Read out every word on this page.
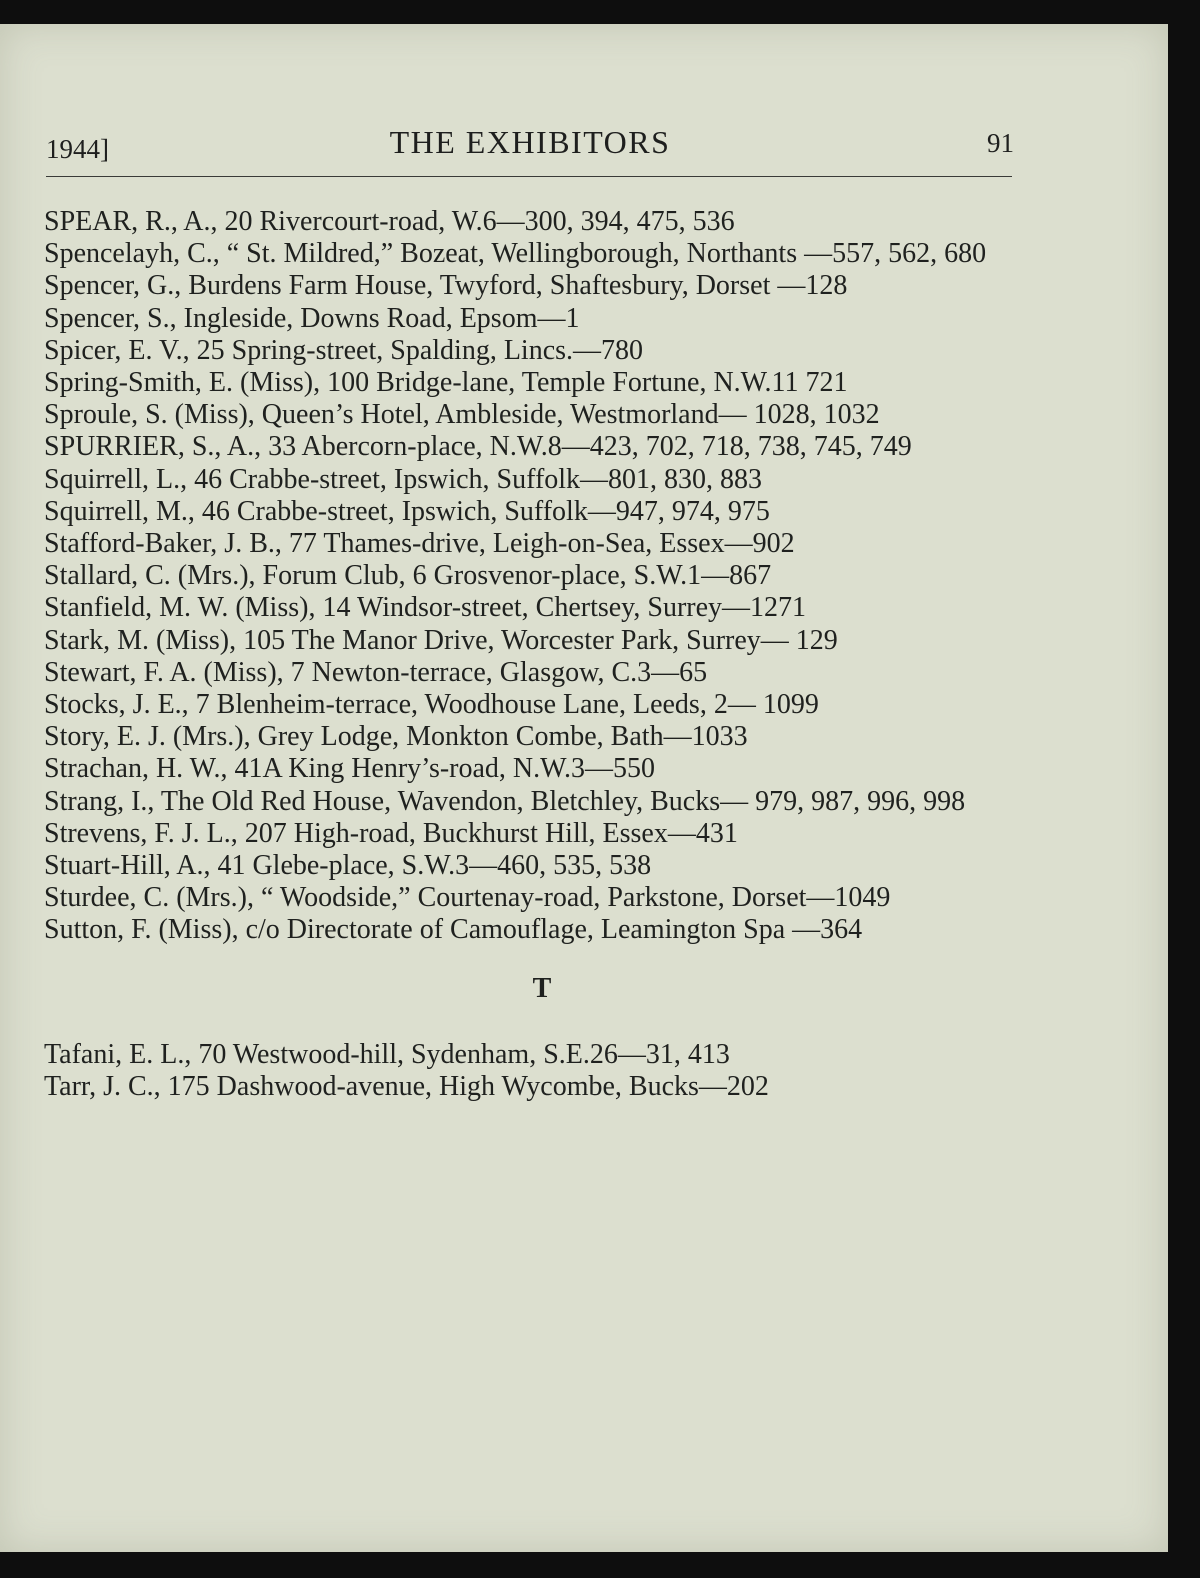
1944]	THE EXHIBITORS	91
SPEAR, R., A., 20 Rivercourt-road, W.6—300, 394, 475, 536
Spencelayh, C., “ St. Mildred,” Bozeat, Wellingborough, Northants —557, 562, 680
Spencer, G., Burdens Farm House, Twyford, Shaftesbury, Dorset —128
Spencer, S., Ingleside, Downs Road, Epsom—1
Spicer, E. V., 25 Spring-street, Spalding, Lincs.—780
Spring-Smith, E. (Miss), 100 Bridge-lane, Temple Fortune, N.W.11 721
Sproule, S. (Miss), Queen’s Hotel, Ambleside, Westmorland— 1028, 1032
SPURRIER, S., A., 33 Abercorn-place, N.W.8—423, 702, 718, 738, 745, 749
Squirrell, L., 46 Crabbe-street, Ipswich, Suffolk—801, 830, 883
Squirrell, M., 46 Crabbe-street, Ipswich, Suffolk—947, 974, 975
Stafford-Baker, J. B., 77 Thames-drive, Leigh-on-Sea, Essex—902
Stallard, C. (Mrs.), Forum Club, 6 Grosvenor-place, S.W.1—867
Stanfield, M. W. (Miss), 14 Windsor-street, Chertsey, Surrey—1271
Stark, M. (Miss), 105 The Manor Drive, Worcester Park, Surrey— 129
Stewart, F. A. (Miss), 7 Newton-terrace, Glasgow, C.3—65
Stocks, J. E., 7 Blenheim-terrace, Woodhouse Lane, Leeds, 2— 1099
Story, E. J. (Mrs.), Grey Lodge, Monkton Combe, Bath—1033
Strachan, H. W., 41A King Henry’s-road, N.W.3—550
Strang, I., The Old Red House, Wavendon, Bletchley, Bucks— 979, 987, 996, 998
Strevens, F. J. L., 207 High-road, Buckhurst Hill, Essex—431
Stuart-Hill, A., 41 Glebe-place, S.W.3—460, 535, 538
Sturdee, C. (Mrs.), “ Woodside,” Courtenay-road, Parkstone, Dorset—1049
Sutton, F. (Miss), c/o Directorate of Camouflage, Leamington Spa —364
T
Tafani, E. L., 70 Westwood-hill, Sydenham, S.E.26—31, 413
Tarr, J. C., 175 Dashwood-avenue, High Wycombe, Bucks—202
